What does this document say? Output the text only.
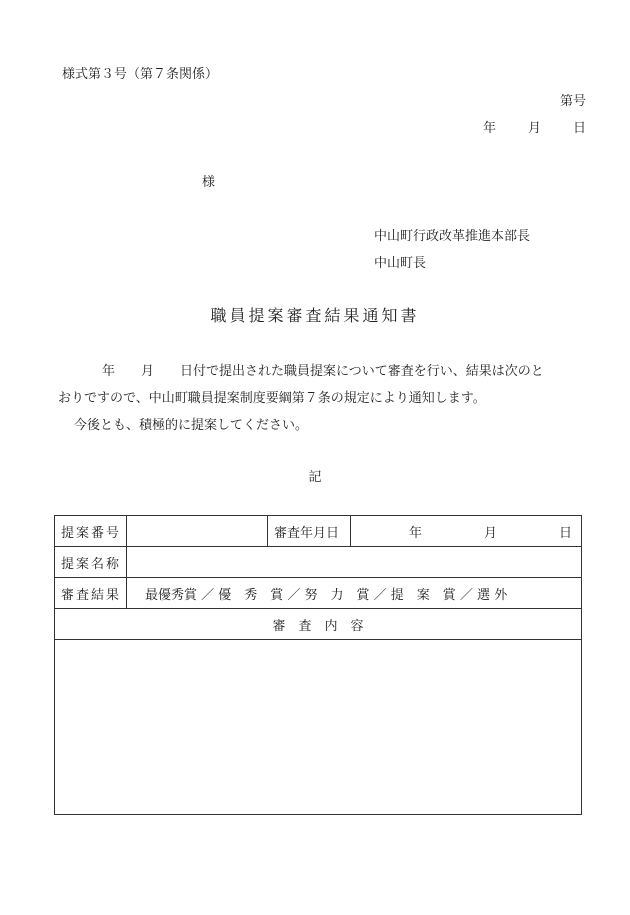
様式第３号（第７条関係）
第号
年 月 日
様
中山町行政改革推進本部長
中山町長
職員提案審査結果通知書

年　　月　　日付で提出された職員提案について審査を行い、結果は次のと

おりですので、中山町職員提案制度要綱第７条の規定により通知します。

今後とも、積極的に提案してください。

記
提案番号		審査年月日	年 月 日
提案名称			
審査結果	最優秀賞 ／ 優　秀　賞 ／ 努　力　賞 ／ 提　案　賞 ／ 選 外		
審　査　内　容			
